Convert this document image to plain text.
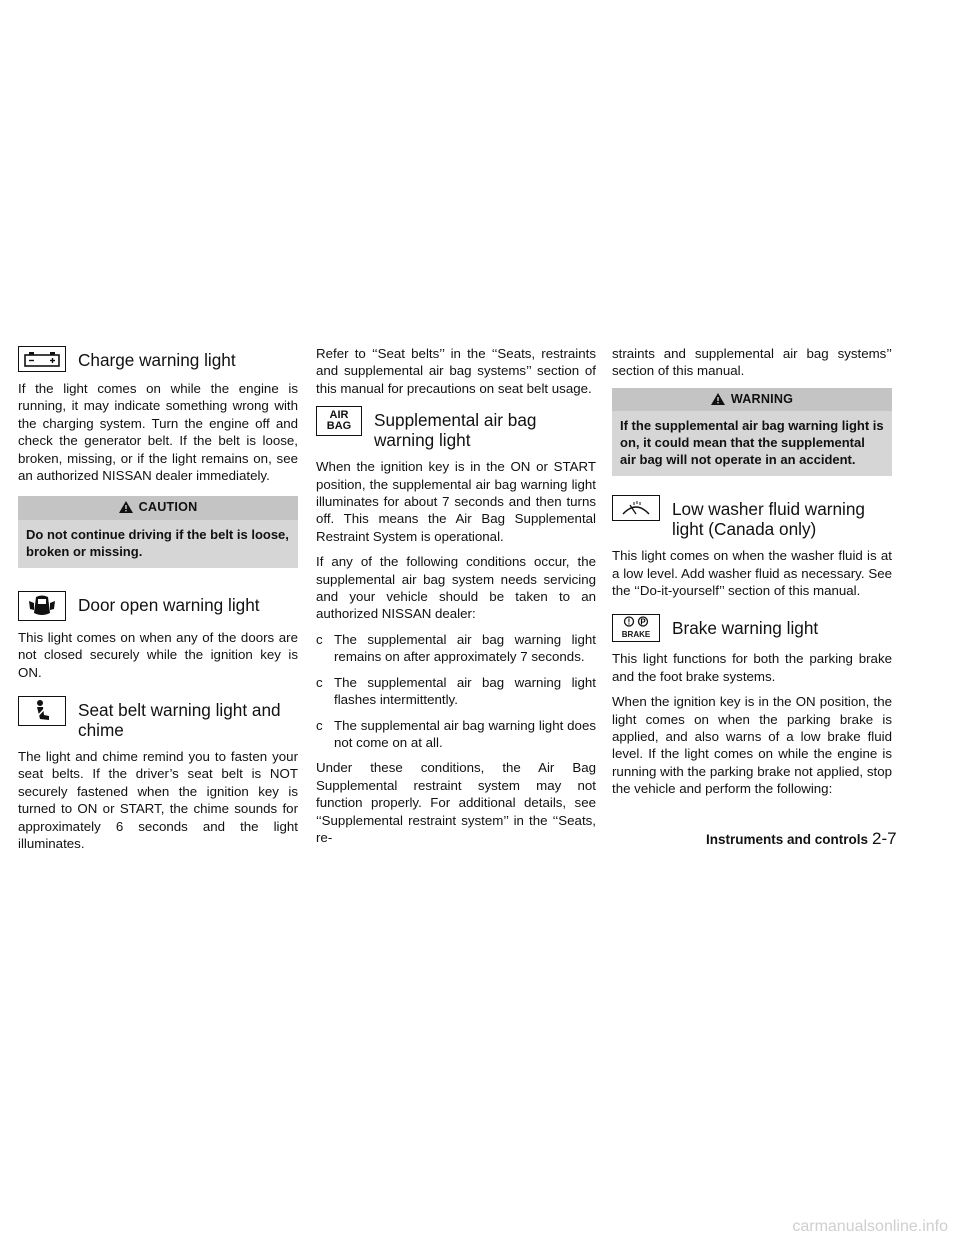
Charge warning light

If the light comes on while the engine is running, it may indicate something wrong with the charging system. Turn the engine off and check the generator belt. If the belt is loose, broken, missing, or if the light remains on, see an authorized NISSAN dealer immediately.

CAUTION
Do not continue driving if the belt is loose, broken or missing.
Door open warning light

This light comes on when any of the doors are not closed securely while the ignition key is ON.

Seat belt warning light and chime

The light and chime remind you to fasten your seat belts. If the driver’s seat belt is NOT securely fastened when the ignition key is turned to ON or START, the chime sounds for approximately 6 seconds and the light illuminates.

Refer to ‘‘Seat belts’’ in the ‘‘Seats, restraints and supplemental air bag systems’’ section of this manual for precautions on seat belt usage.

AIR
BAG Supplemental air bag warning light

When the ignition key is in the ON or START position, the supplemental air bag warning light illuminates for about 7 seconds and then turns off. This means the Air Bag Supplemental Restraint System is operational.

If any of the following conditions occur, the supplemental air bag system needs servicing and your vehicle should be taken to an authorized NISSAN dealer:

c The supplemental air bag warning light remains on after approximately 7 seconds.
c The supplemental air bag warning light flashes intermittently.
c The supplemental air bag warning light does not come on at all.

Under these conditions, the Air Bag Supplemental restraint system may not function properly. For additional details, see ‘‘Supplemental restraint system’’ in the ‘‘Seats, re-

straints and supplemental air bag systems’’ section of this manual.

WARNING
If the supplemental air bag warning light is on, it could mean that the supplemental air bag will not operate in an accident.
Low washer fluid warning light (Canada only)

This light comes on when the washer fluid is at a low level. Add washer fluid as necessary. See the ‘‘Do-it-yourself’’ section of this manual.

! P

BRAKE Brake warning light

This light functions for both the parking brake and the foot brake systems.

When the ignition key is in the ON position, the light comes on when the parking brake is applied, and also warns of a low brake fluid level. If the light comes on while the engine is running with the parking brake not applied, stop the vehicle and perform the following:

Instruments and controls 2-7
carmanualsonline.info
